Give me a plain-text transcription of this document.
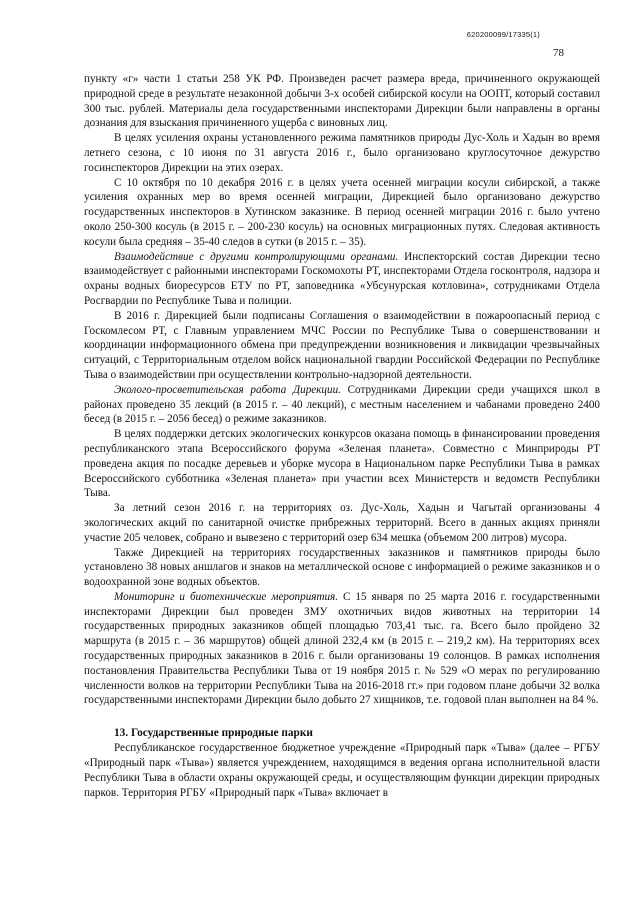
620200099/17335(1)
78

пункту «г» части 1 статьи 258 УК РФ. Произведен расчет размера вреда, причиненного окружающей природной среде в результате незаконной добычи 3-х особей сибирской косули на ООПТ, который составил 300 тыс. рублей. Материалы дела государственными инспекторами Дирекции были направлены в органы дознания для взыскания причиненного ущерба с виновных лиц.

В целях усиления охраны установленного режима памятников природы Дус-Холь и Хадын во время летнего сезона, с 10 июня по 31 августа 2016 г., было организовано круглосуточное дежурство госинспекторов Дирекции на этих озерах.

С 10 октября по 10 декабря 2016 г. в целях учета осенней миграции косули сибирской, а также усиления охранных мер во время осенней миграции, Дирекцией было организовано дежурство государственных инспекторов в Хутинском заказнике. В период осенней миграции 2016 г. было учтено около 250-300 косуль (в 2015 г. – 200-230 косуль) на основных миграционных путях. Следовая активность косули была средняя – 35-40 следов в сутки (в 2015 г. – 35).

Взаимодействие с другими контролирующими органами. Инспекторский состав Дирекции тесно взаимодействует с районными инспекторами Госкомохоты РТ, инспекторами Отдела госконтроля, надзора и охраны водных биоресурсов ЕТУ по РТ, заповедника «Убсунурская котловина», сотрудниками Отдела Росгвардии по Республике Тыва и полиции.

В 2016 г. Дирекцией были подписаны Соглашения о взаимодействии в пожароопасный период с Госкомлесом РТ, с Главным управлением МЧС России по Республике Тыва о совершенствовании и координации информационного обмена при предупреждении возникновения и ликвидации чрезвычайных ситуаций, с Территориальным отделом войск национальной гвардии Российской Федерации по Республике Тыва о взаимодействии при осуществлении контрольно-надзорной деятельности.

Эколого-просветительская работа Дирекции. Сотрудниками Дирекции среди учащихся школ в районах проведено 35 лекций (в 2015 г. – 40 лекций), с местным населением и чабанами проведено 2400 бесед (в 2015 г. – 2056 бесед) о режиме заказников.

В целях поддержки детских экологических конкурсов оказана помощь в финансировании проведения республиканского этапа Всероссийского форума «Зеленая планета». Совместно с Минприроды РТ проведена акция по посадке деревьев и уборке мусора в Национальном парке Республики Тыва в рамках Всероссийского субботника «Зеленая планета» при участии всех Министерств и ведомств Республики Тыва.

За летний сезон 2016 г. на территориях оз. Дус-Холь, Хадын и Чагытай организованы 4 экологических акций по санитарной очистке прибрежных территорий. Всего в данных акциях приняли участие 205 человек, собрано и вывезено с территорий озер 634 мешка (объемом 200 литров) мусора.

Также Дирекцией на территориях государственных заказников и памятников природы было установлено 38 новых аншлагов и знаков на металлической основе с информацией о режиме заказников и о водоохранной зоне водных объектов.

Мониторинг и биотехнические мероприятия. С 15 января по 25 марта 2016 г. государственными инспекторами Дирекции был проведен ЗМУ охотничьих видов животных на территории 14 государственных природных заказников общей площадью 703,41 тыс. га. Всего было пройдено 32 маршрута (в 2015 г. – 36 маршрутов) общей длиной 232,4 км (в 2015 г. – 219,2 км). На территориях всех государственных природных заказников в 2016 г. были организованы 19 солонцов. В рамках исполнения постановления Правительства Республики Тыва от 19 ноября 2015 г. № 529 «О мерах по регулированию численности волков на территории Республики Тыва на 2016-2018 гг.» при годовом плане добычи 32 волка государственными инспекторами Дирекции было добыто 27 хищников, т.е. годовой план выполнен на 84 %.

13. Государственные природные парки

Республиканское государственное бюджетное учреждение «Природный парк «Тыва» (далее – РГБУ «Природный парк «Тыва») является учреждением, находящимся в ведения органа исполнительной власти Республики Тыва в области охраны окружающей среды, и осуществляющим функции дирекции природных парков. Территория РГБУ «Природный парк «Тыва» включает в
